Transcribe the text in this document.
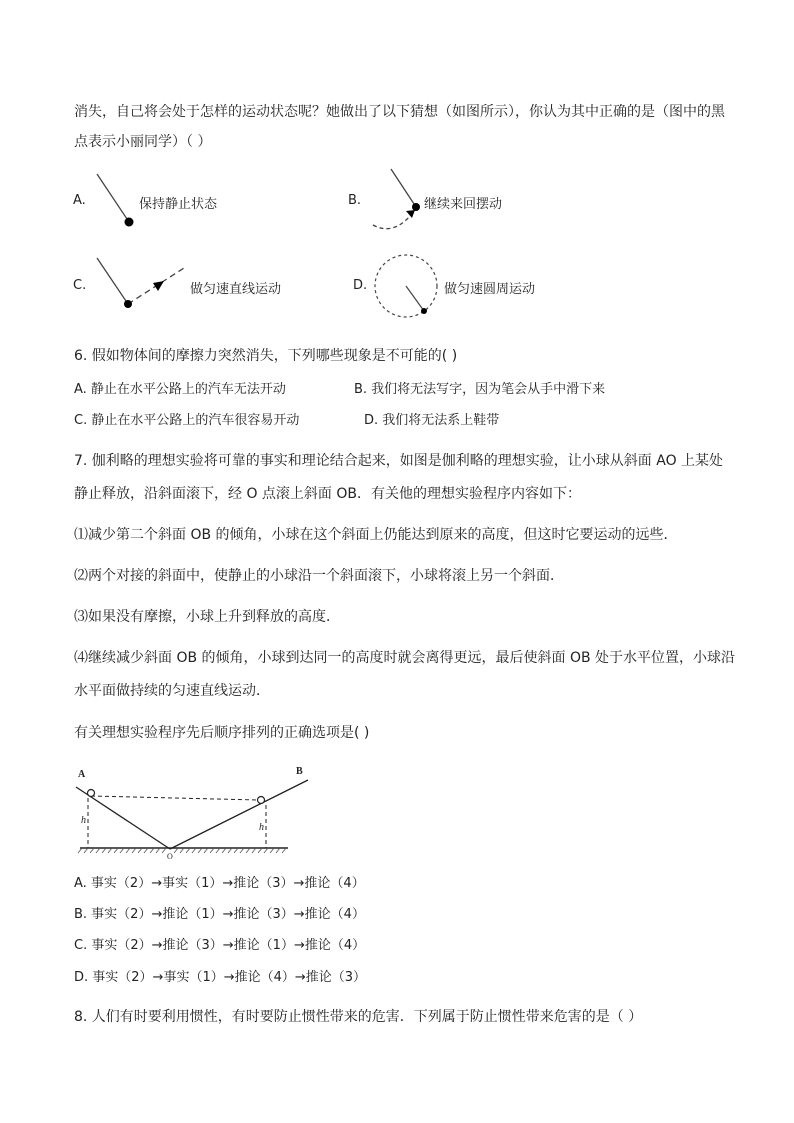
消失，自己将会处于怎样的运动状态呢？她做出了以下猜想（如图所示），你认为其中正确的是（图中的黑
点表示小丽同学）（ ）
A.	保持静止状态	B.	继续来回摆动
C.	做匀速直线运动	D.	做匀速圆周运动
6. 假如物体间的摩擦力突然消失，下列哪些现象是不可能的( )
A. 静止在水平公路上的汽车无法开动	B. 我们将无法写字，因为笔会从手中滑下来
C. 静止在水平公路上的汽车很容易开动	D. 我们将无法系上鞋带
7. 伽利略的理想实验将可靠的事实和理论结合起来，如图是伽利略的理想实验，让小球从斜面 AO 上某处
静止释放，沿斜面滚下，经 O 点滚上斜面 OB．有关他的理想实验程序内容如下：
⑴减少第二个斜面 OB 的倾角，小球在这个斜面上仍能达到原来的高度，但这时它要运动的远些．
⑵两个对接的斜面中，使静止的小球沿一个斜面滚下，小球将滚上另一个斜面．
⑶如果没有摩擦，小球上升到释放的高度．
⑷继续减少斜面 OB 的倾角，小球到达同一的高度时就会离得更远，最后使斜面 OB 处于水平位置，小球沿
水平面做持续的匀速直线运动．
有关理想实验程序先后顺序排列的正确选项是( )
A	B
h
h
O
A. 事实（2）→事实（1）→推论（3）→推论（4）
B. 事实（2）→推论（1）→推论（3）→推论（4）
C. 事实（2）→推论（3）→推论（1）→推论（4）
D. 事实（2）→事实（1）→推论（4）→推论（3）
8. 人们有时要利用惯性，有时要防止惯性带来的危害．下列属于防止惯性带来危害的是（ ）
